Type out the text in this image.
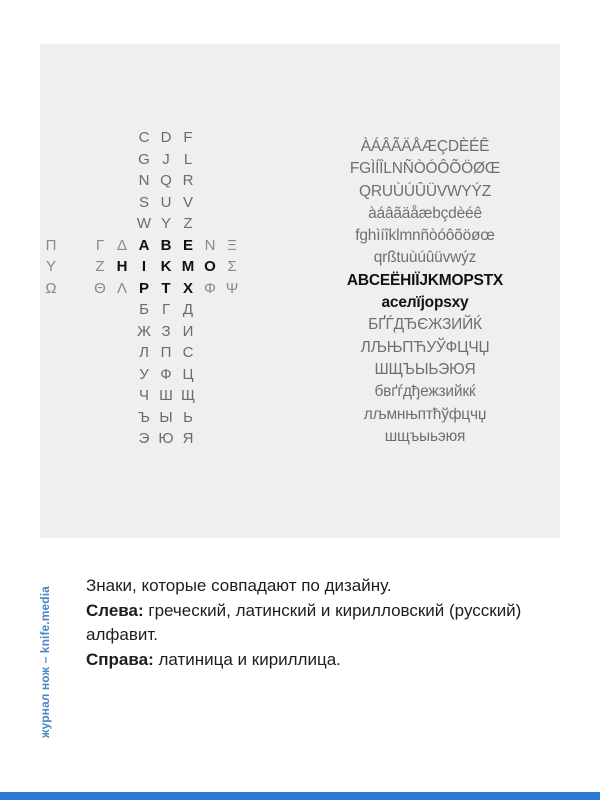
C D F
G J L
N Q R
S U V
W Y Z
Γ Δ A B E N Ξ
Π
Z H I K M O Σ
Y
Θ Λ P T X Φ Ψ
Ω
Б Г Д
Ж З И
Л П С
У Ф Ц
Ч Ш Щ
Ъ Ы Ь
Э Ю Я
ÀÁÂÃÄÅÆÇDÈÉÊ
FGÌÍÎLNÑÒÓÔÕÖØŒ
QRUÙÚÛÜVWYÝZ
àáâãäåæbçdèéê
fghìíîklmnñòóôõöøœ
qrßtuùúûüvwýz
ABCEËHIÏJKMOPSTX
acелїjopsxy
БҐЃДЂЄЖЗИЙЌ
ЛЉЊПЋУЎФЦЧЏ
ШЩЪЫЬЭЮЯ
бвґѓдђежзийкќ
лљмнњптћўфцчџ
шщъыьэюя

Знаки, которые совпадают по дизайну.

Слева: греческий, латинский и кирилловский (русский) алфавит.

Справа: латиница и кириллица.

журнал нож – knife.media
